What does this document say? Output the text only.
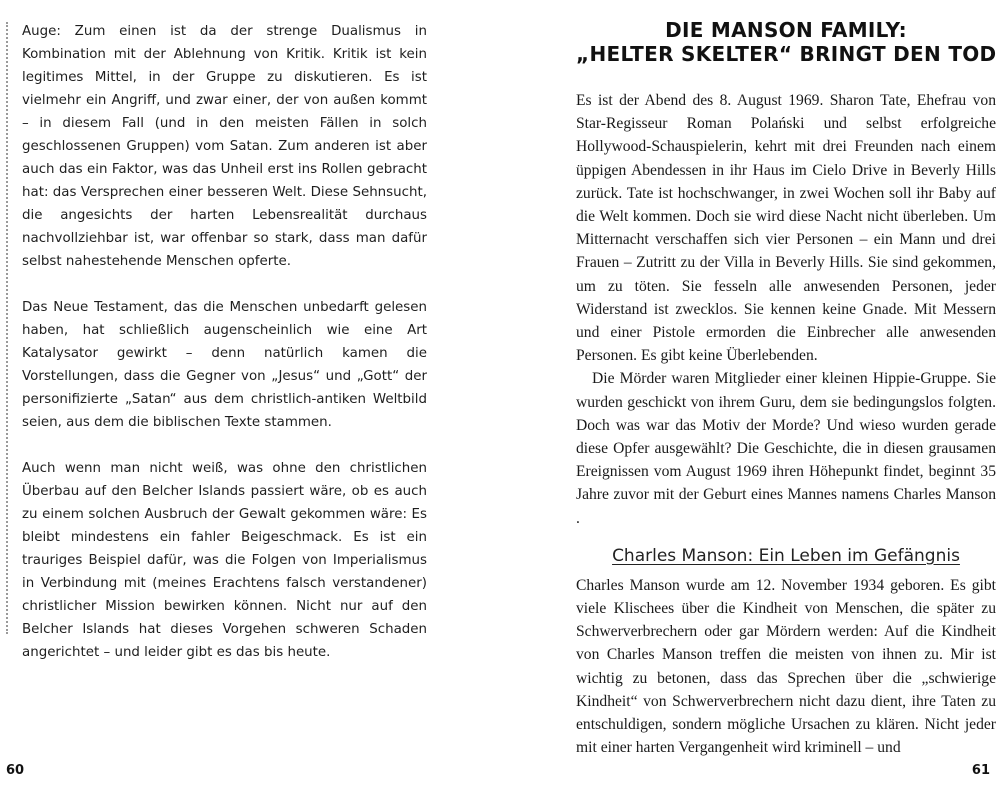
Auge: Zum einen ist da der strenge Dualismus in Kombination mit der Ablehnung von Kritik. Kritik ist kein legitimes Mittel, in der Gruppe zu diskutieren. Es ist vielmehr ein Angriff, und zwar einer, der von außen kommt – in diesem Fall (und in den meisten Fällen in solch geschlossenen Gruppen) vom Satan. Zum anderen ist aber auch das ein Faktor, was das Unheil erst ins Rollen gebracht hat: das Versprechen einer besseren Welt. Diese Sehnsucht, die angesichts der harten Lebensrealität durchaus nachvollziehbar ist, war offenbar so stark, dass man dafür selbst nahestehende Menschen opferte.

Das Neue Testament, das die Menschen unbedarft gelesen haben, hat schließlich augenscheinlich wie eine Art Katalysator gewirkt – denn natürlich kamen die Vorstellungen, dass die Gegner von „Jesus“ und „Gott“ der personifizierte „Satan“ aus dem christlich-antiken Weltbild seien, aus dem die biblischen Texte stammen.

Auch wenn man nicht weiß, was ohne den christlichen Überbau auf den Belcher Islands passiert wäre, ob es auch zu einem solchen Ausbruch der Gewalt gekommen wäre: Es bleibt mindestens ein fahler Beigeschmack. Es ist ein trauriges Beispiel dafür, was die Folgen von Imperialismus in Verbindung mit (meines Erachtens falsch verstandener) christlicher Mission bewirken können. Nicht nur auf den Belcher Islands hat dieses Vorgehen schweren Schaden angerichtet – und leider gibt es das bis heute.

60
DIE MANSON FAMILY:
„HELTER SKELTER“ BRINGT DEN TOD

Es ist der Abend des 8. August 1969. Sharon Tate, Ehefrau von Star-Regisseur Roman Polański und selbst erfolgreiche Hollywood-Schauspielerin, kehrt mit drei Freunden nach einem üppigen Abendessen in ihr Haus im Cielo Drive in Beverly Hills zurück. Tate ist hochschwanger, in zwei Wochen soll ihr Baby auf die Welt kommen. Doch sie wird diese Nacht nicht überleben. Um Mitternacht verschaffen sich vier Personen – ein Mann und drei Frauen – Zutritt zu der Villa in Beverly Hills. Sie sind gekommen, um zu töten. Sie fesseln alle anwesenden Personen, jeder Widerstand ist zwecklos. Sie kennen keine Gnade. Mit Messern und einer Pistole ermorden die Einbrecher alle anwesenden Personen. Es gibt keine Überlebenden.

Die Mörder waren Mitglieder einer kleinen Hippie-Gruppe. Sie wurden geschickt von ihrem Guru, dem sie bedingungslos folgten. Doch was war das Motiv der Morde? Und wieso wurden gerade diese Opfer ausgewählt? Die Geschichte, die in diesen grausamen Ereignissen vom August 1969 ihren Höhepunkt findet, beginnt 35 Jahre zuvor mit der Geburt eines Mannes namens Charles Manson .

Charles Manson: Ein Leben im Gefängnis

Charles Manson wurde am 12. November 1934 geboren. Es gibt viele Klischees über die Kindheit von Menschen, die später zu Schwerverbrechern oder gar Mördern werden: Auf die Kindheit von Charles Manson treffen die meisten von ihnen zu. Mir ist wichtig zu betonen, dass das Sprechen über die „schwierige Kindheit“ von Schwerverbrechern nicht dazu dient, ihre Taten zu entschuldigen, sondern mögliche Ursachen zu klären. Nicht jeder mit einer harten Vergangenheit wird kriminell – und

61
